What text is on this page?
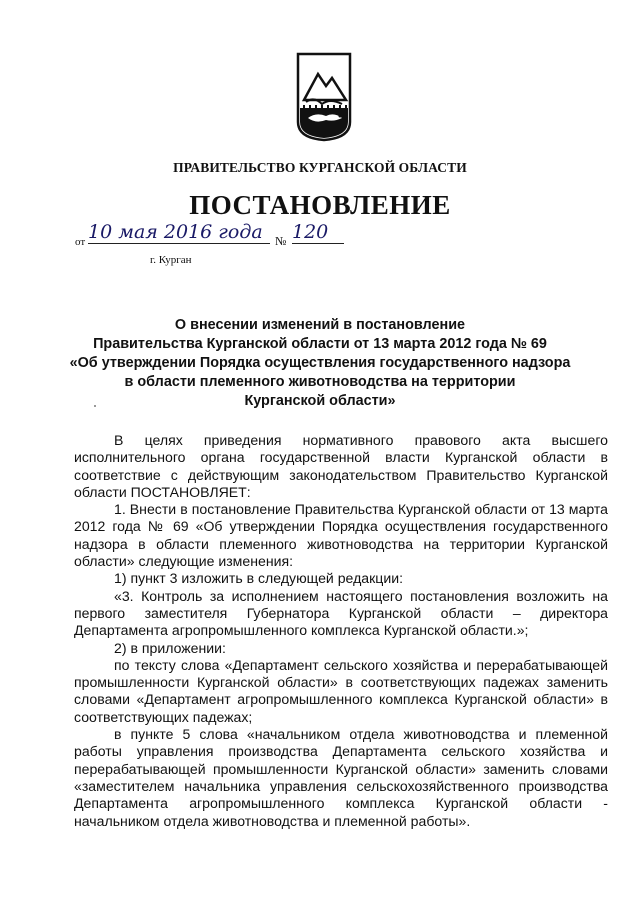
ПРАВИТЕЛЬСТВО КУРГАНСКОЙ ОБЛАСТИ
ПОСТАНОВЛЕНИЕ
от 10 мая 2016 года	№ 120
г. Курган
О внесении изменений в постановление
Правительства Курганской области от 13 марта 2012 года № 69
«Об утверждении Порядка осуществления государственного надзора
в области племенного животноводства на территории
Курганской области»

В целях приведения нормативного правового акта высшего исполнительного органа государственной власти Курганской области в соответствие с действующим законодательством Правительство Курганской области ПОСТАНОВЛЯЕТ:

1. Внести в постановление Правительства Курганской области от 13 марта 2012 года № 69 «Об утверждении Порядка осуществления государственного надзора в области племенного животноводства на территории Курганской области» следующие изменения:

1) пункт 3 изложить в следующей редакции:

«3. Контроль за исполнением настоящего постановления возложить на первого заместителя Губернатора Курганской области – директора Департамента агропромышленного комплекса Курганской области.»;

2) в приложении:

по тексту слова «Департамент сельского хозяйства и перерабатывающей промышленности Курганской области» в соответствующих падежах заменить словами «Департамент агропромышленного комплекса Курганской области» в соответствующих падежах;

в пункте 5 слова «начальником отдела животноводства и племенной работы управления производства Департамента сельского хозяйства и перерабатывающей промышленности Курганской области» заменить словами «заместителем начальника управления сельскохозяйственного производства Департамента агропромышленного комплекса Курганской области - начальником отдела животноводства и племенной работы».
